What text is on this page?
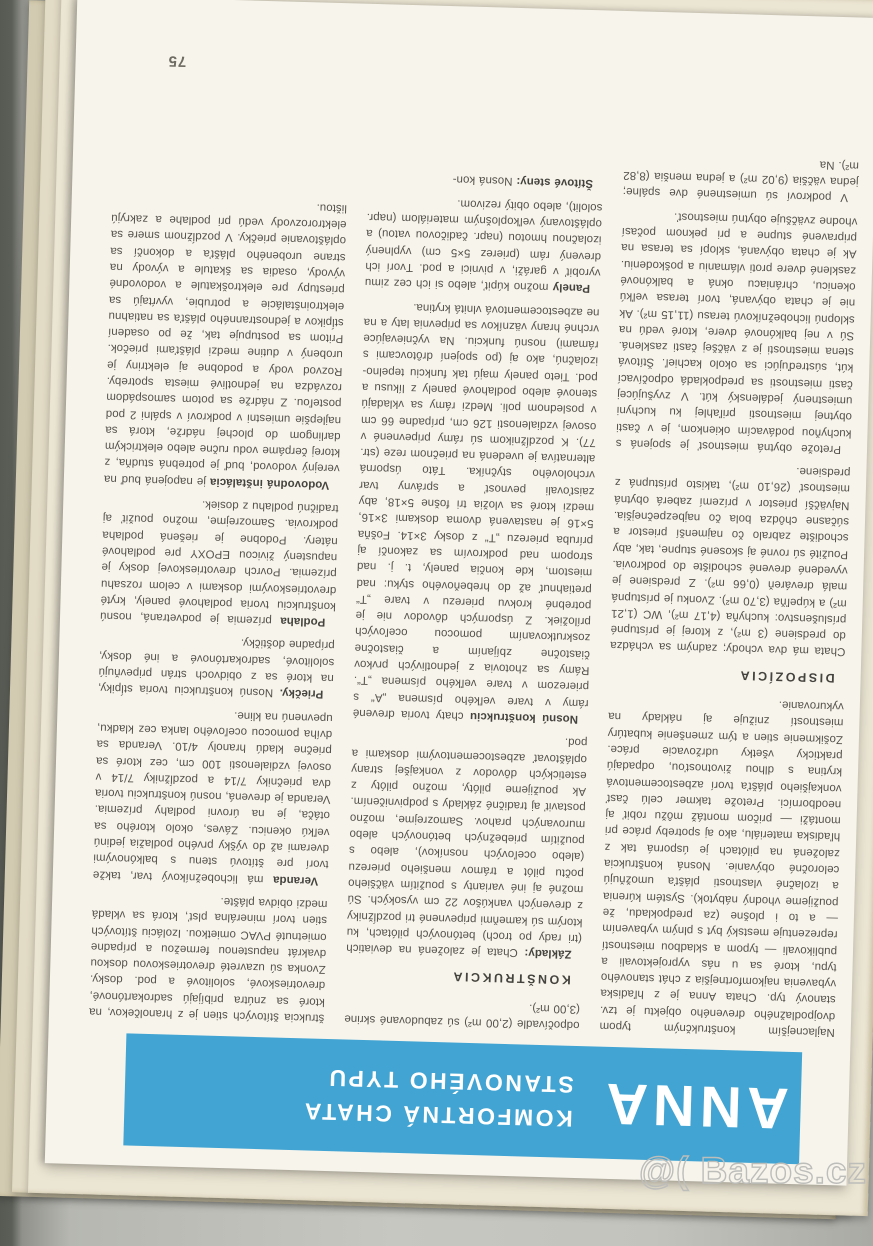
ANNA
KOMFORTNÁ CHATA
STANOVÉHO TYPU

Najlacnejším konštrukčným typom dvojpodlažného dreveného objektu je tzv. stanový typ. Chata Anna je z hľadiska vybavenia najkomfortnejšia z chát stanového typu, ktoré sa u nás vyprojektovali a publikovali — typom a skladbou miestností reprezentuje mestský byt s plným vybavením — a to i plošne (za predpokladu, že použijeme vhodný nábytok). Systém kúrenia a izolačné vlastnosti plášťa umožňujú celoročné obývanie. Nosná konštrukcia založená na pilótach je úsporná tak z hľadiska materiálu, ako aj spotreby práce pri montáži — pričom montáž môžu robiť aj neodborníci. Pretože takmer celú časť vonkajšieho plášťa tvorí azbestocementová krytina s dlhou životnosťou, odpadajú prakticky všetky udržovacie práce. Zošikmenie stien a tým zmenšenie kubatúry miestností znižuje aj náklady na vykurovanie.

DISPOZÍCIA

Chata má dva vchody; zadným sa vchádza do predsiene (3 m²), z ktorej je prístupné príslušenstvo: kuchyňa (4,17 m²), WC (1,21 m²) a kúpeľňa (3,70 m²). Zvonku je prístupná malá dreváreň (0,66 m²). Z predsiene je vyvedené drevené schodište do podkrovia. Použité sú rovné aj skosené stupne, tak, aby schodište zabralo čo najmenší priestor a súčasne chôdza bola čo najbezpečnejšia. Najväčší priestor v prízemí zaberá obytná miestnosť (26,10 m²), takisto prístupná z predsiene.

Pretože obytná miestnosť je spojená s kuchyňou podávacím okienkom, je v časti obytnej miestnosti priľahlej ku kuchyni umiestnený jedálenský kút. V zvyšujúcej časti miestnosti sa predpokladá odpočívací kút, sústreďujúci sa okolo kachieľ. Štítová stena miestnosti je z väčšej časti zasklená. Sú v nej balkónové dvere, ktoré vedú na sklopnú lichobežníkovú terasu (11,15 m²). Ak nie je chata obývaná, tvorí terasa veľkú okenicu, chrániacu okná a balkónové zasklené dvere proti vlámaniu a poškodeniu. Ak je chata obývaná, sklopí sa terasa na pripravené stupne a pri peknom počasí vhodne zväčšuje obytnú miestnosť.

V podkroví sú umiestnené dve spálne; jedna väčšia (9,02 m²) a jedna menšia (8,82 m²). Na

odpočívadle (2,00 m²) sú zabudované skrine (3,00 m²).

KONŠTRUKCIA

Základy: Chata je založená na deviatich (tri rady po troch) betónových pilótach, ku ktorým sú kameňmi pripevnené tri pozdĺžniky z drevených vankúšov 22 cm vysokých. Sú možné aj iné varianty s použitím väčšieho počtu pilót a trámov menšieho prierezu (alebo oceľových nosníkov), alebo s použitím priebežných betónových alebo murovaných prahov. Samozrejme, možno postaviť aj tradičné základy s podpivničením. Ak použijeme pilóty, možno pilóty z estetických dôvodov z vonkajšej strany opláštovať azbestocementovými doskami a pod.

Nosnú konštrukciu chaty tvoria drevené rámy v tvare veľkého písmena „A“ s prierezom v tvare veľkého písmena „T“. Rámy sa zhotovia z jednotlivých prvkov čiastočne zbíjaním a čiastočne zoskrutkovaním pomocou oceľových príložiek. Z úsporných dôvodov nie je potrebné krokvu prierezu v tvare „T“ pretiahnuť až do hrebeňového styku: nad miestom, kde končia panely, t. j. nad stropom nad podkrovím sa zakončí aj príruba prierezu „T“ z dosky 3×14. Fošňa 5×16 je nastavená dvoma doskami 3×16, medzi ktoré sa vložia tri fošne 5×18, aby zaisťovali pevnosť a správny tvar vrcholového styčníka. Táto úsporná alternatíva je uvedená na priečnom reze (str. 77). K pozdĺžnikom sú rámy pripevnené v osovej vzdialenosti 126 cm, prípadne 66 cm v poslednom poli. Medzi rámy sa vkladajú stenové alebo podlahové panely z líkusu a pod. Tieto panely majú tak funkciu tepelno-izolačnú, ako aj (po spojení drôtovcami s rámami) nosnú funkciu. Na vyčnievajúce vrchné hrany väzníkov sa pripevnia laty a na ne azbestocementová vlnitá krytina.

Panely možno kúpiť, alebo si ich cez zimu vyrobiť v garáži, v pivnici a pod. Tvorí ich drevený rám (prierez 5×5 cm) vyplnený izolačnou hmotou (napr. čadičovou vatou) a opláštovaný veľkoplošným materiálom (napr. sololit), alebo obitý rezivom.

Štítové steny: Nosná kon-

štrukcia štítových stien je z hranolčekov, na ktoré sa znútra pribíjajú sadrokartónové, drevotrieskové, sololitové a pod. dosky. Zvonka sú uzavreté drevotrieskovou doskou dvakrát napustenou fermežou a prípadne omietnuté PVAC omietkou. Izoláciu štítových stien tvorí minerálna plsť, ktorá sa vkladá medzi obidva plášte.

Veranda má lichobežníkový tvar, takže tvorí pre štítovú stenu s balkónovými dverami až do výšky prvého podlažia jedinú veľkú okenicu. Záves, okolo ktorého sa otáča, je na úrovni podlahy prízemia. Veranda je drevená, nosnú konštrukciu tvoria dva priečniky 7/14 a pozdĺžniky 7/14 v osovej vzdialenosti 100 cm, cez ktoré sa priečne kladú hranoly 4/10. Veranda sa dvíha pomocou oceľového lanka cez kladku, upevnenú na kline.

Priečky. Nosnú konštrukciu tvoria stĺpiky, na ktoré sa z obidvoch strán pripevňujú sololitové, sadrokartónové a iné dosky, prípadne doštičky.

Podlaha prízemia je podvetraná, nosnú konštrukciu tvoria podlahové panely, kryté drevotrieskovými doskami v celom rozsahu prízemia. Povrch drevotrieskovej dosky je napustený živicou EPOXY pre podlahové nátery. Podobne je riešená podlaha podkrovia. Samozrejme, možno použiť aj tradičnú podlahu z dosiek.

Vodovodná inštalácia je napojená buď na verejný vodovod, buď je potrebná studňa, z ktorej čerpáme vodu ručne alebo elektrickým darlingom do plochej nádrže, ktorá sa najlepšie umiestni v podkroví v spálni 2 pod posteľou. Z nádrže sa potom samospádom rozvádza na jednotlivé miesta spotreby. Rozvod vody a podobne aj elektriny je urobený v dutine medzi plášťami priečok. Pritom sa postupuje tak, že po osadení stĺpikov a jednostranného plášťa sa natiahnu elektroinštalácie a potrubie, vyvŕtajú sa priestupy pre elektroškatule a vodovodné vývody, osadia sa škatule a vývody na strane urobeného plášťa a dokončí sa opláštovanie priečky. V pozdĺžnom smere sa elektrorozvody vedú pri podlahe a zakryjú lištou.

75
@( Bazos.cz
